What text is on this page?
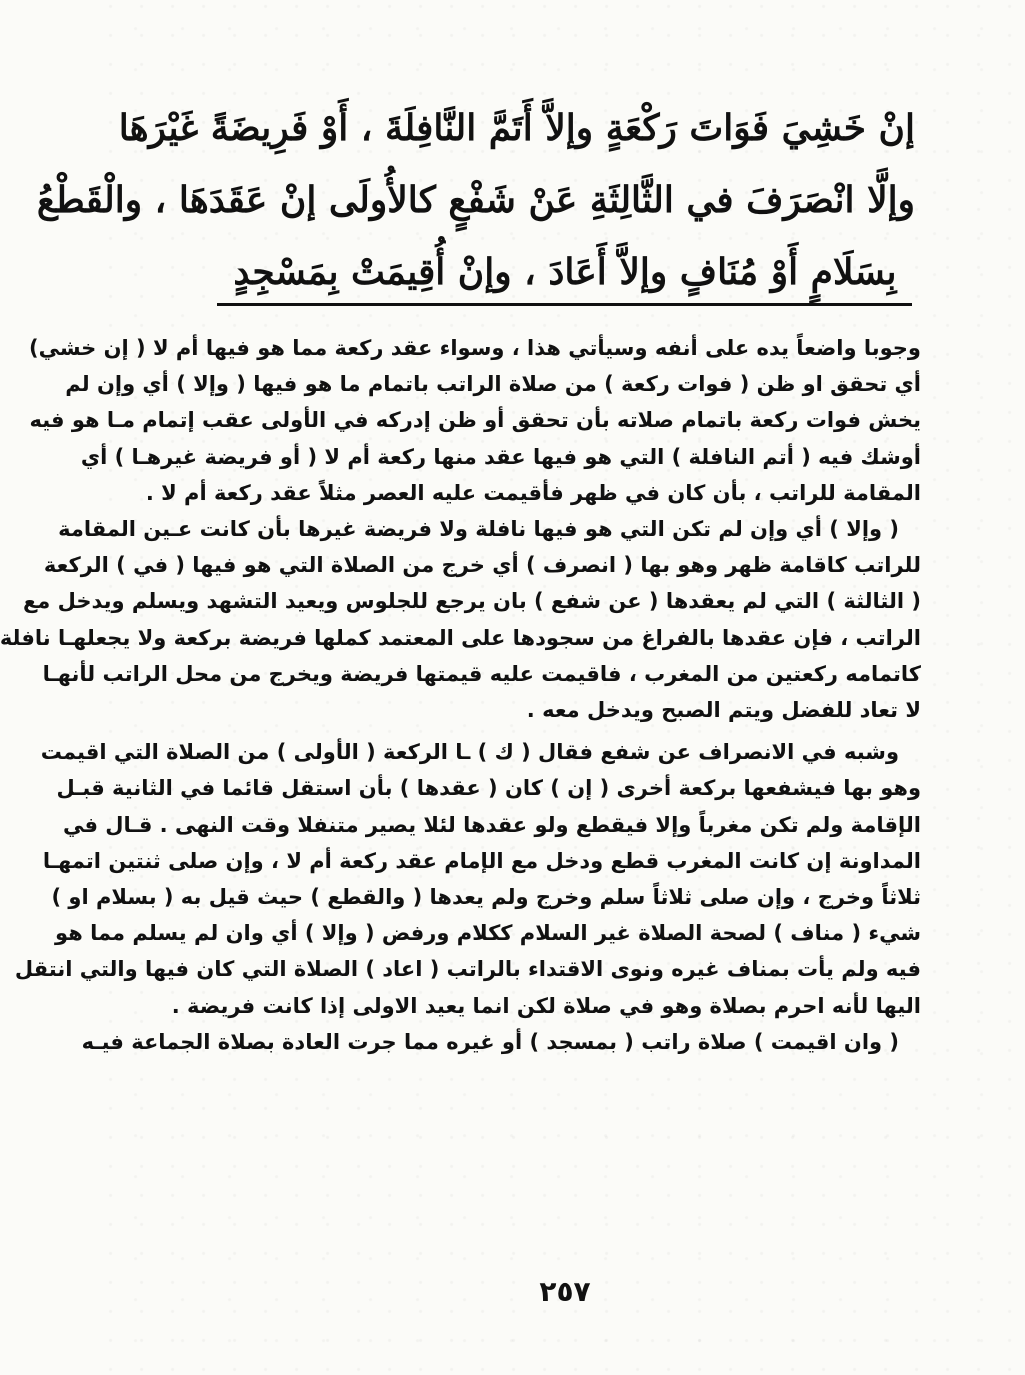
إنْ خَشِيَ فَوَاتَ رَكْعَةٍ وإلاَّ أَتَمَّ النَّافِلَةَ ، أَوْ فَرِيضَةً غَيْرَهَا
وإلَّا انْصَرَفَ في الثَّالِثَةِ عَنْ شَفْعٍ كالأُولَى إنْ عَقَدَهَا ، والْقَطْعُ
بِسَلَامٍ أَوْ مُنَافٍ وإلاَّ أَعَادَ ، وإنْ أُقِيمَتْ بِمَسْجِدٍ
وجوبا واضعاً يده على أنفه وسيأتي هذا ، وسواء عقد ركعة مما هو فيها أم لا ( إن خشي)
أي تحقق او ظن ( فوات ركعة ) من صلاة الراتب باتمام ما هو فيها ( وإلا ) أي وإن لم
يخش فوات ركعة باتمام صلاته بأن تحقق أو ظن إدركه في الأولى عقب إتمام مـا هو فيه
أوشك فيه ( أتم النافلة ) التي هو فيها عقد منها ركعة أم لا ( أو فريضة غيرهـا ) أي
المقامة للراتب ، بأن كان في ظهر فأقيمت عليه العصر مثلاً عقد ركعة أم لا .
( وإلا ) أي وإن لم تكن التي هو فيها نافلة ولا فريضة غيرها بأن كانت عـين المقامة
للراتب كاقامة ظهر وهو بها ( انصرف ) أي خرج من الصلاة التي هو فيها ( في ) الركعة
( الثالثة ) التي لم يعقدها ( عن شفع ) بان يرجع للجلوس ويعيد التشهد ويسلم ويدخل مع
الراتب ، فإن عقدها بالفراغ من سجودها على المعتمد كملها فريضة بركعة ولا يجعلهـا نافلة
كاتمامه ركعتين من المغرب ، فاقيمت عليه قيمتها فريضة ويخرج من محل الراتب لأنهـا
لا تعاد للفضل ويتم الصبح ويدخل معه .
وشبه في الانصراف عن شفع فقال ( ك ) ـا الركعة ( الأولى ) من الصلاة التي اقيمت
وهو بها فيشفعها بركعة أخرى ( إن ) كان ( عقدها ) بأن استقل قائما في الثانية قبـل
الإقامة ولم تكن مغرباً وإلا فيقطع ولو عقدها لئلا يصير متنفلا وقت النهى . قـال في
المداونة إن كانت المغرب قطع ودخل مع الإمام عقد ركعة أم لا ، وإن صلى ثنتين اتمهـا
ثلاثاً وخرج ، وإن صلى ثلاثاً سلم وخرج ولم يعدها ( والقطع ) حيث قيل به ( بسلام او )
شيء ( مناف ) لصحة الصلاة غير السلام ككلام ورفض ( وإلا ) أي وان لم يسلم مما هو
فيه ولم يأت بمناف غيره ونوى الاقتداء بالراتب ( اعاد ) الصلاة التي كان فيها والتي انتقل
اليها لأنه احرم بصلاة وهو في صلاة لكن انما يعيد الاولى إذا كانت فريضة .
( وان اقيمت ) صلاة راتب ( بمسجد ) أو غيره مما جرت العادة بصلاة الجماعة فيـه
٢٥٧
